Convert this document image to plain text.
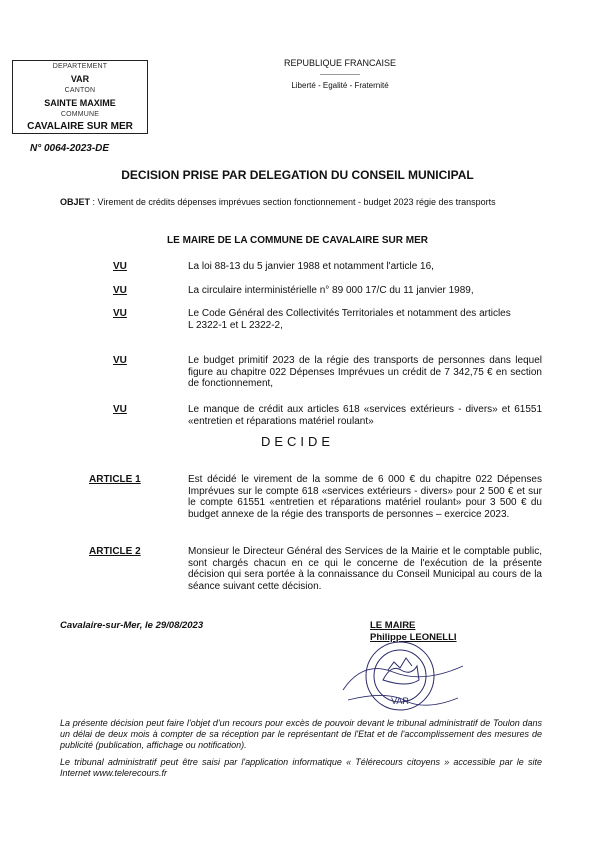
DEPARTEMENT
VAR
CANTON
SAINTE MAXIME
COMMUNE
CAVALAIRE SUR MER
REPUBLIQUE FRANCAISE
Liberté - Egalité - Fraternité
N° 0064-2023-DE
DECISION PRISE PAR DELEGATION DU CONSEIL MUNICIPAL
OBJET : Virement de crédits dépenses imprévues section fonctionnement - budget 2023 régie des transports
LE MAIRE DE LA COMMUNE DE CAVALAIRE SUR MER
VU	La loi 88-13 du 5 janvier 1988 et notamment l'article 16,
VU	La circulaire interministérielle n° 89 000 17/C du 11 janvier 1989,
VU	Le Code Général des Collectivités Territoriales et notamment des articles L 2322-1 et L 2322-2,
VU	Le budget primitif 2023 de la régie des transports de personnes dans lequel figure au chapitre 022 Dépenses Imprévues un crédit de 7 342,75 € en section de fonctionnement,
VU	Le manque de crédit aux articles 618 «services extérieurs - divers» et 61551 «entretien et réparations matériel roulant»
DECIDE
ARTICLE 1	Est décidé le virement de la somme de 6 000 € du chapitre 022 Dépenses Imprévues sur le compte 618 «services extérieurs - divers» pour 2 500 € et sur le compte 61551 «entretien et réparations matériel roulant» pour 3 500 € du budget annexe de la régie des transports de personnes – exercice 2023.
ARTICLE 2	Monsieur le Directeur Général des Services de la Mairie et le comptable public, sont chargés chacun en ce qui le concerne de l'exécution de la présente décision qui sera portée à la connaissance du Conseil Municipal au cours de la séance suivant cette décision.
Cavalaire-sur-Mer, le 29/08/2023	LE MAIRE
Philippe LEONELLI
VAR
La présente décision peut faire l'objet d'un recours pour excès de pouvoir devant le tribunal administratif de Toulon dans un délai de deux mois à compter de sa réception par le représentant de l'Etat et de l'accomplissement des mesures de publicité (publication, affichage ou notification).
Le tribunal administratif peut être saisi par l'application informatique « Télérecours citoyens » accessible par le site Internet www.telerecours.fr
